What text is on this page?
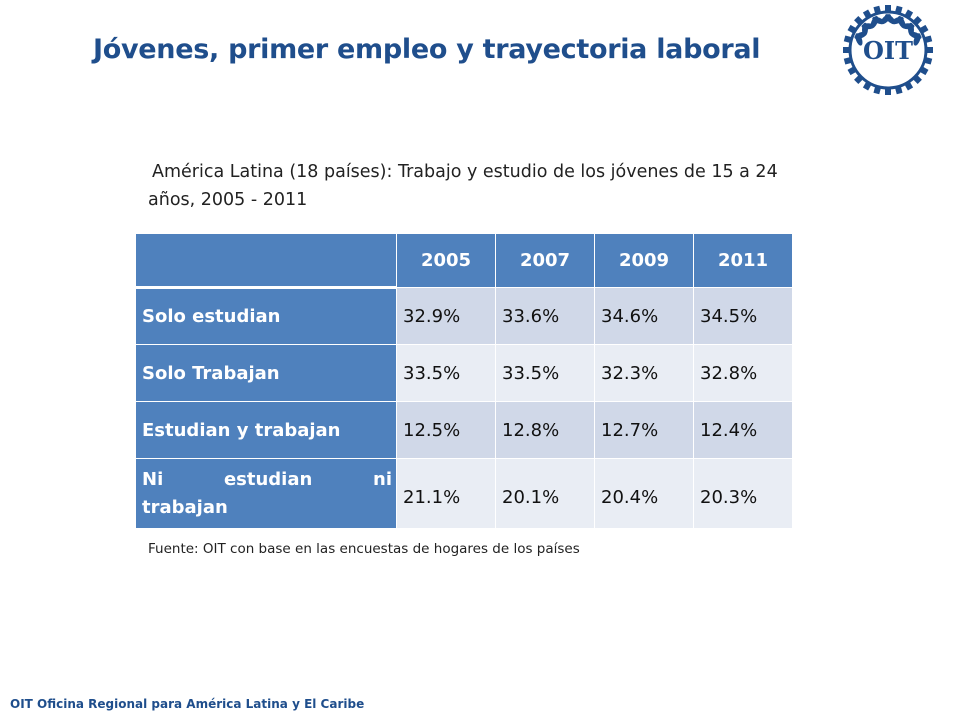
Jóvenes, primer empleo y trayectoria laboral	OIT
América Latina (18 países): Trabajo y estudio de los jóvenes de 15 a 24 años, 2005 - 2011
	2005	2007	2009	2011
Solo estudian	32.9%	33.6%	34.6%	34.5%
Solo Trabajan	33.5%	33.5%	32.3%	32.8%
Estudian y trabajan	12.5%	12.8%	12.7%	12.4%

Ni estudian ni
trabajan	21.1%	20.1%	20.4%	20.3%
Fuente: OIT con base en las encuestas de hogares de los países
OIT Oficina Regional para América Latina y El Caribe
